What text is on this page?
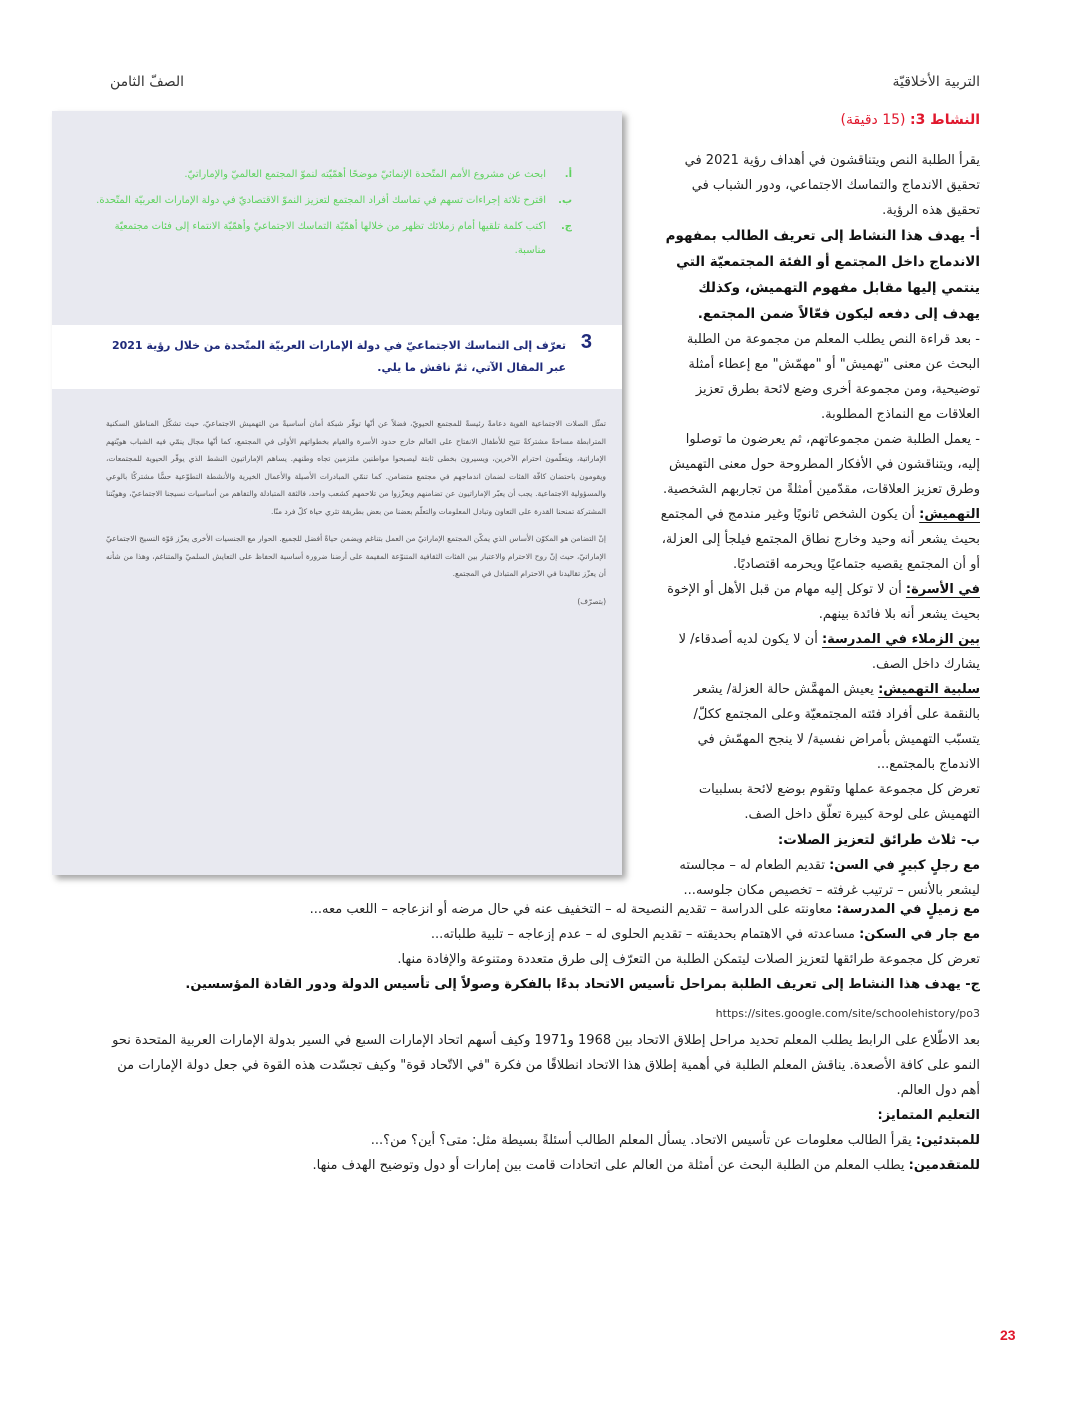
التربية الأخلاقيّة
الصفّ الثامن
النشاط 3: (15 دقيقة)
أ.
ابحث عن مشروع الأمم المتّحدة الإنمائيّ موضحًا أهمّيّته لنموّ المجتمع العالميّ والإماراتيّ.
ب.
اقترح ثلاثة إجراءات تسهم في تماسك أفراد المجتمع لتعزيز النموّ الاقتصاديّ في دولة الإمارات العربيّة المتّحدة.
ج.
اكتب كلمة تلقيها أمام زملائك تظهر من خلالها أهمّيّة التماسك الاجتماعيّ وأهمّيّة الانتماء إلى فئات مجتمعيّة مناسبة.
3
تعرّف إلى التماسك الاجتماعيّ في دولة الإمارات العربيّة المتّحدة من خلال رؤية 2021 عبر المقال الآتي، ثمّ ناقش ما يلي.

تمثّل الصلات الاجتماعية القوية دعامةً رئيسةً للمجتمع الحيويّ، فضلاً عن أنّها توفّر شبكة أمان أساسيةً من التهميش الاجتماعيّ، حيث تشكّل المناطق السكنية المترابطة مساحةً مشتركةً تتيح للأطفال الانفتاح على العالم خارج حدود الأسرة والقيام بخطواتهم الأولى في المجتمع، كما أنّها مجال ينمّي فيه الشباب هويّتهم الإماراتية، ويتعلّمون احترام الآخرين، ويسيرون بخطى ثابتة ليصبحوا مواطنين ملتزمين تجاه وطنهم. يساهم الإماراتيون النشط الذي يوفّر الحيوية للمجتمعات، ويقومون باحتضان كافّة الفئات لضمان اندماجهم في مجتمع متضامن. كما تنمّي المبادرات الأصيلة والأعمال الخيرية والأنشطة التطوّعية حسًّا مشتركًا بالوعي والمسؤولية الاجتماعية. يجب أن يعبّر الإماراتيون عن تضامنهم ويعزّزوا من تلاحمهم كشعب واحد، فالثقة المتبادلة والتفاهم من أساسيات نسيجنا الاجتماعيّ، وهويّتنا المشتركة تمنحنا القدرة على التعاون وتبادل المعلومات والتعلّم بعضنا من بعض بطريقة تثري حياة كلّ فرد منّا.

إنّ التضامن هو المكوّن الأساس الذي يمكّن المجتمع الإماراتيّ من العمل بتناغم ويضمن حياةً أفضل للجميع. الحوار مع الجنسيات الأخرى يعزّز قوّة النسيج الاجتماعيّ الإماراتيّ، حيث إنّ روح الاحترام والاعتبار بين الفئات الثقافية المتنوّعة المقيمة على أرضنا ضرورة أساسية الحفاظ على التعايش السلميّ والمتناغم، وهذا من شأنه أن يعزّز تقاليدنا في الاحترام المتبادل في المجتمع.

(بتصرّف)

يقرأ الطلبة النص ويتناقشون في أهداف رؤية 2021 في تحقيق الاندماج والتماسك الاجتماعي، ودور الشباب في تحقيق هذه الرؤية.

أ- يهدف هذا النشاط إلى تعريف الطالب بمفهوم الاندماج داخل المجتمع أو الفئة المجتمعيّة التي ينتمي إليها مقابل مفهوم التهميش، وكذلك يهدف إلى دفعه ليكون فعّالاً ضمن المجتمع.

- بعد قراءة النص يطلب المعلم من مجموعة من الطلبة البحث عن معنى "تهميش" أو "مهمّش" مع إعطاء أمثلة توضيحية، ومن مجموعة أخرى وضع لائحة بطرق تعزيز العلاقات مع النماذج المطلوبة.

- يعمل الطلبة ضمن مجموعاتهم، ثم يعرضون ما توصلوا إليه، ويتناقشون في الأفكار المطروحة حول معنى التهميش وطرق تعزيز العلاقات، مقدّمين أمثلةً من تجاربهم الشخصية.

التهميش: أن يكون الشخص ثانويًا وغير مندمج في المجتمع بحيث يشعر أنه وحيد وخارج نطاق المجتمع فيلجأ إلى العزلة، أو أن المجتمع يقصيه جتماعيًا ويحرمه اقتصاديًا.

في الأسرة: أن لا توكل إليه مهام من قبل الأهل أو الإخوة بحيث يشعر أنه بلا فائدة بينهم.

بين الزملاء في المدرسة: أن لا يكون لديه أصدقاء/ لا يشارك داخل الصف.

سلبية التهميش: يعيش المهمَّش حالة العزلة/ يشعر بالنقمة على أفراد فئته المجتمعيّة وعلى المجتمع ككلّ/ يتسبّب التهميش بأمراض نفسية/ لا ينجح المهمّش في الاندماج بالمجتمع...

تعرض كل مجموعة عملها وتقوم بوضع لائحة بسلبيات التهميش على لوحة كبيرة تعلّق داخل الصف.

ب- ثلاث طرائق لتعزيز الصلات:

مع رجلٍ كبيرٍ في السن: تقديم الطعام له – مجالسته ليشعر بالأنس – ترتيب غرفته – تخصيص مكان جلوسه...

مع زميلٍ في المدرسة: معاونته على الدراسة – تقديم النصيحة له – التخفيف عنه في حال مرضه أو انزعاجه – اللعب معه...

مع جار في السكن: مساعدته في الاهتمام بحديقته – تقديم الحلوى له – عدم إزعاجه – تلبية طلباته...

تعرض كل مجموعة طرائقها لتعزيز الصلات ليتمكن الطلبة من التعرّف إلى طرق متعددة ومتنوعة والإفادة منها.

ج- يهدف هذا النشاط إلى تعريف الطلبة بمراحل تأسيس الاتحاد بدءًا بالفكرة وصولاً إلى تأسيس الدولة ودور القادة المؤسسين.

https://sites.google.com/site/schoolehistory/po3

بعد الاطّلاع على الرابط يطلب المعلم تحديد مراحل إطلاق الاتحاد بين 1968 و1971 وكيف أسهم اتحاد الإمارات السبع في السير بدولة الإمارات العربية المتحدة نحو النمو على كافة الأصعدة. يناقش المعلم الطلبة في أهمية إطلاق هذا الاتحاد انطلاقًا من فكرة "في الاتّحاد قوة" وكيف تجسّدت هذه القوة في جعل دولة الإمارات من أهم دول العالم.

التعليم المتمايز:

للمبتدئين: يقرأ الطالب معلومات عن تأسيس الاتحاد. يسأل المعلم الطالب أسئلةً بسيطة مثل: متى؟ أين؟ من؟...

للمتقدمين: يطلب المعلم من الطلبة البحث عن أمثلة من العالم على اتحادات قامت بين إمارات أو دول وتوضيح الهدف منها.

23
